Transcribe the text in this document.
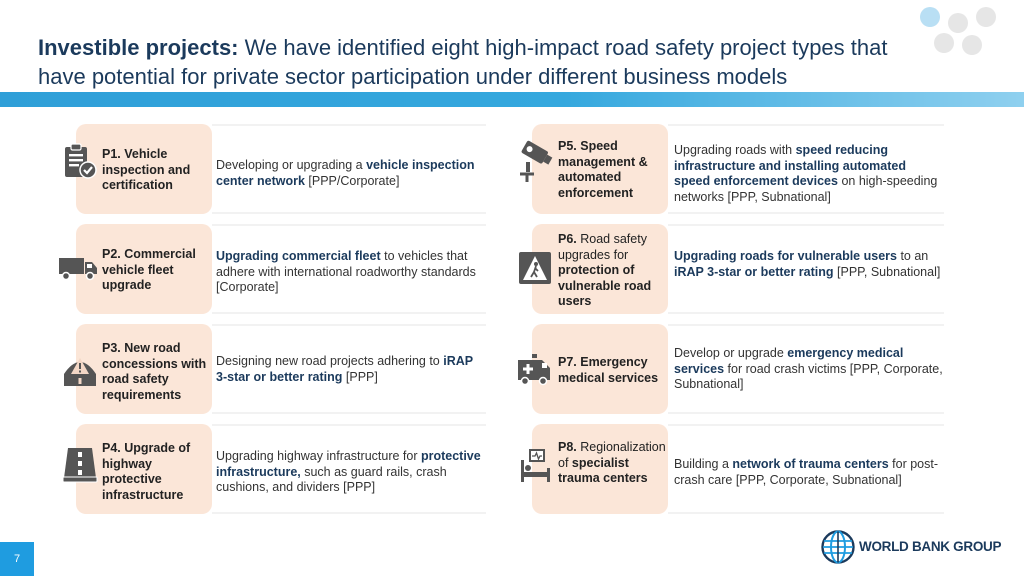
Investible projects: We have identified eight high-impact road safety project types that have potential for private sector participation under different business models
P1. Vehicle inspection and certification
Developing or upgrading a vehicle inspection center network [PPP/Corporate]
P2. Commercial vehicle fleet upgrade
Upgrading commercial fleet to vehicles that adhere with international roadworthy standards [Corporate]
P3. New road concessions with road safety requirements
Designing new road projects adhering to iRAP 3-star or better rating [PPP]
P4. Upgrade of highway protective infrastructure
Upgrading highway infrastructure for protective infrastructure, such as guard rails, crash cushions, and dividers [PPP]
P5. Speed management & automated enforcement
Upgrading roads with speed reducing infrastructure and installing automated speed enforcement devices on high-speeding networks [PPP, Subnational]
P6. Road safety upgrades for protection of vulnerable road users
Upgrading roads for vulnerable users to an iRAP 3-star or better rating [PPP, Subnational]
P7. Emergency medical services
Develop or upgrade emergency medical services for road crash victims [PPP, Corporate, Subnational]
P8. Regionalization of specialist trauma centers
Building a network of trauma centers for post-crash care [PPP, Corporate, Subnational]
7
WORLD BANK GROUP
